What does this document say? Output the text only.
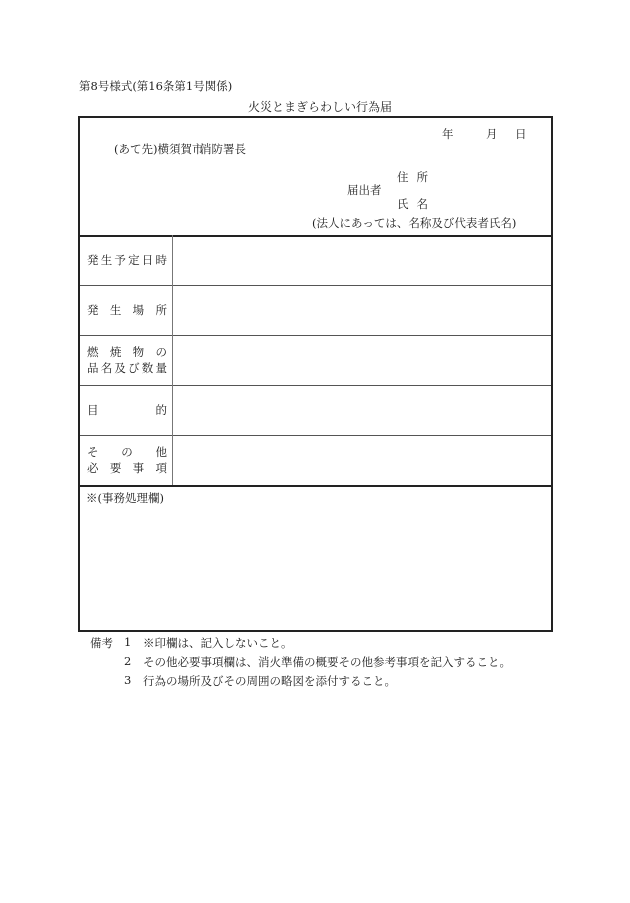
第8号様式(第16条第1号関係)
火災とまぎらわしい行為届
年	月 日
(あて先)横須賀市
消防署長
住所
届出者
氏名
(法人にあっては、名称及び代表者氏名)
発 生 予 定 日 時
発 生 場 所
燃 焼 物 の
品 名 及 び 数 量
目	的
そ の 他
必 要 事 項
※(事務処理欄)
備考 1 ※印欄は、記入しないこと。
2 その他必要事項欄は、消火準備の概要その他参考事項を記入すること。
3 行為の場所及びその周囲の略図を添付すること。
